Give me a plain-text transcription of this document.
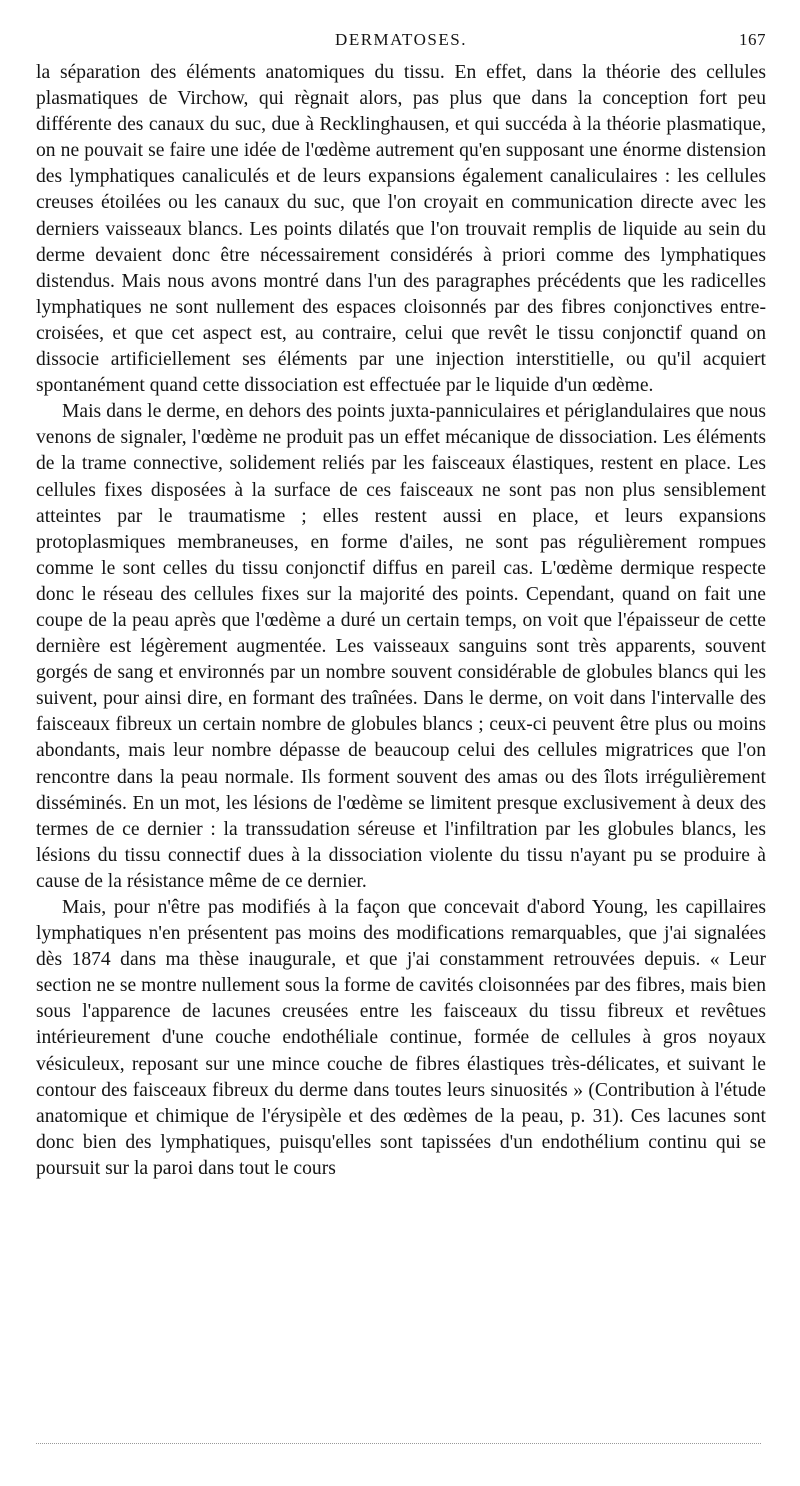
DERMATOSES.	167

la séparation des éléments anatomiques du tissu. En effet, dans la théorie des cellules plasmatiques de Virchow, qui règnait alors, pas plus que dans la conception fort peu différente des canaux du suc, due à Recklinghausen, et qui succéda à la théorie plasmatique, on ne pouvait se faire une idée de l'œdème autrement qu'en supposant une énorme distension des lymphatiques canaliculés et de leurs expansions également canaliculaires : les cellules creuses étoilées ou les canaux du suc, que l'on croyait en communication directe avec les derniers vaisseaux blancs. Les points dilatés que l'on trouvait remplis de liquide au sein du derme devaient donc être nécessairement considérés à priori comme des lymphatiques distendus. Mais nous avons montré dans l'un des paragraphes précédents que les radicelles lymphatiques ne sont nullement des espaces cloisonnés par des fibres conjonctives entre-croisées, et que cet aspect est, au contraire, celui que revêt le tissu conjonctif quand on dissocie artificiellement ses éléments par une injection interstitielle, ou qu'il acquiert spontanément quand cette dissociation est effectuée par le liquide d'un œdème.

Mais dans le derme, en dehors des points juxta-panniculaires et périglandulaires que nous venons de signaler, l'œdème ne produit pas un effet mécanique de dissociation. Les éléments de la trame connective, solidement reliés par les faisceaux élastiques, restent en place. Les cellules fixes disposées à la surface de ces faisceaux ne sont pas non plus sensiblement atteintes par le traumatisme ; elles restent aussi en place, et leurs expansions protoplasmiques membraneuses, en forme d'ailes, ne sont pas régulièrement rompues comme le sont celles du tissu conjonctif diffus en pareil cas. L'œdème dermique respecte donc le réseau des cellules fixes sur la majorité des points. Cependant, quand on fait une coupe de la peau après que l'œdème a duré un certain temps, on voit que l'épaisseur de cette dernière est légèrement augmentée. Les vaisseaux sanguins sont très apparents, souvent gorgés de sang et environnés par un nombre souvent considérable de globules blancs qui les suivent, pour ainsi dire, en formant des traînées. Dans le derme, on voit dans l'intervalle des faisceaux fibreux un certain nombre de globules blancs ; ceux-ci peuvent être plus ou moins abondants, mais leur nombre dépasse de beaucoup celui des cellules migratrices que l'on rencontre dans la peau normale. Ils forment souvent des amas ou des îlots irrégulièrement disséminés. En un mot, les lésions de l'œdème se limitent presque exclusivement à deux des termes de ce dernier : la transsudation séreuse et l'infiltration par les globules blancs, les lésions du tissu connectif dues à la dissociation violente du tissu n'ayant pu se produire à cause de la résistance même de ce dernier.

Mais, pour n'être pas modifiés à la façon que concevait d'abord Young, les capillaires lymphatiques n'en présentent pas moins des modifications remarquables, que j'ai signalées dès 1874 dans ma thèse inaugurale, et que j'ai constamment retrouvées depuis. « Leur section ne se montre nullement sous la forme de cavités cloisonnées par des fibres, mais bien sous l'apparence de lacunes creusées entre les faisceaux du tissu fibreux et revêtues intérieurement d'une couche endothéliale continue, formée de cellules à gros noyaux vésiculeux, reposant sur une mince couche de fibres élastiques très-délicates, et suivant le contour des faisceaux fibreux du derme dans toutes leurs sinuosités » (Contribution à l'étude anatomique et chimique de l'érysipèle et des œdèmes de la peau, p. 31). Ces lacunes sont donc bien des lymphatiques, puisqu'elles sont tapissées d'un endothélium continu qui se poursuit sur la paroi dans tout le cours
